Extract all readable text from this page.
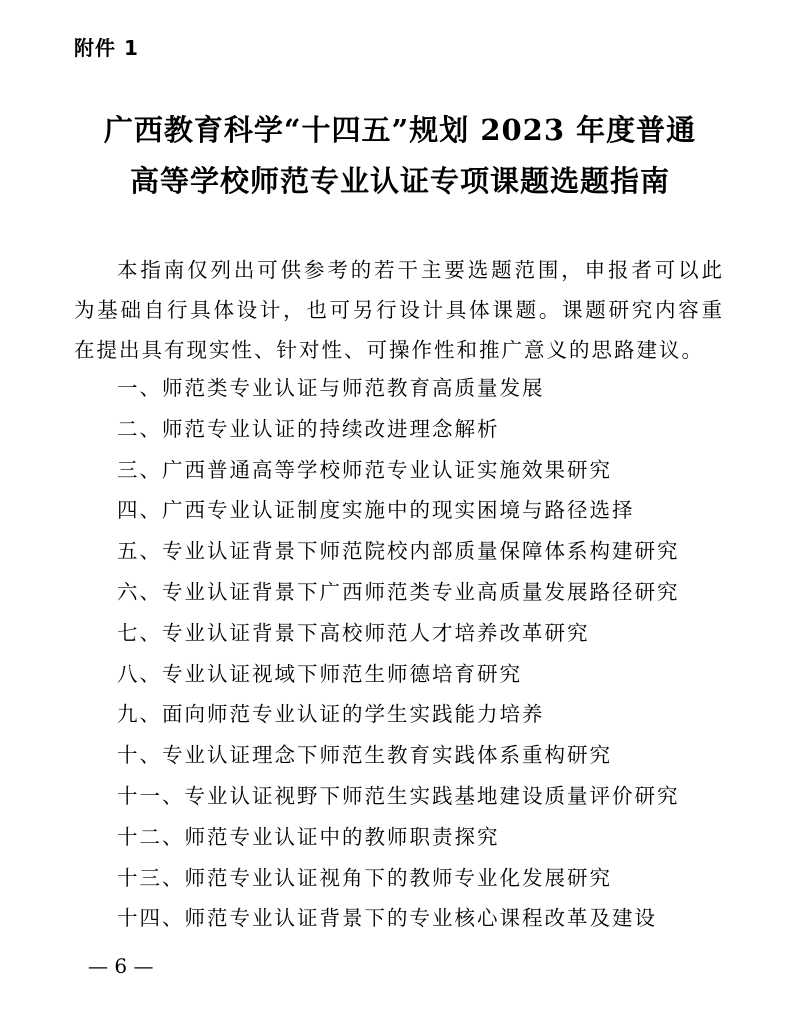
附件 1
广西教育科学“十四五”规划 2023 年度普通
高等学校师范专业认证专项课题选题指南

本指南仅列出可供参考的若干主要选题范围，申报者可以此为基础自行具体设计，也可另行设计具体课题。课题研究内容重在提出具有现实性、针对性、可操作性和推广意义的思路建议。

一、师范类专业认证与师范教育高质量发展
二、师范专业认证的持续改进理念解析
三、广西普通高等学校师范专业认证实施效果研究
四、广西专业认证制度实施中的现实困境与路径选择
五、专业认证背景下师范院校内部质量保障体系构建研究
六、专业认证背景下广西师范类专业高质量发展路径研究
七、专业认证背景下高校师范人才培养改革研究
八、专业认证视域下师范生师德培育研究
九、面向师范专业认证的学生实践能力培养
十、专业认证理念下师范生教育实践体系重构研究
十一、专业认证视野下师范生实践基地建设质量评价研究
十二、师范专业认证中的教师职责探究
十三、师范专业认证视角下的教师专业化发展研究
十四、师范专业认证背景下的专业核心课程改革及建设
— 6 —
